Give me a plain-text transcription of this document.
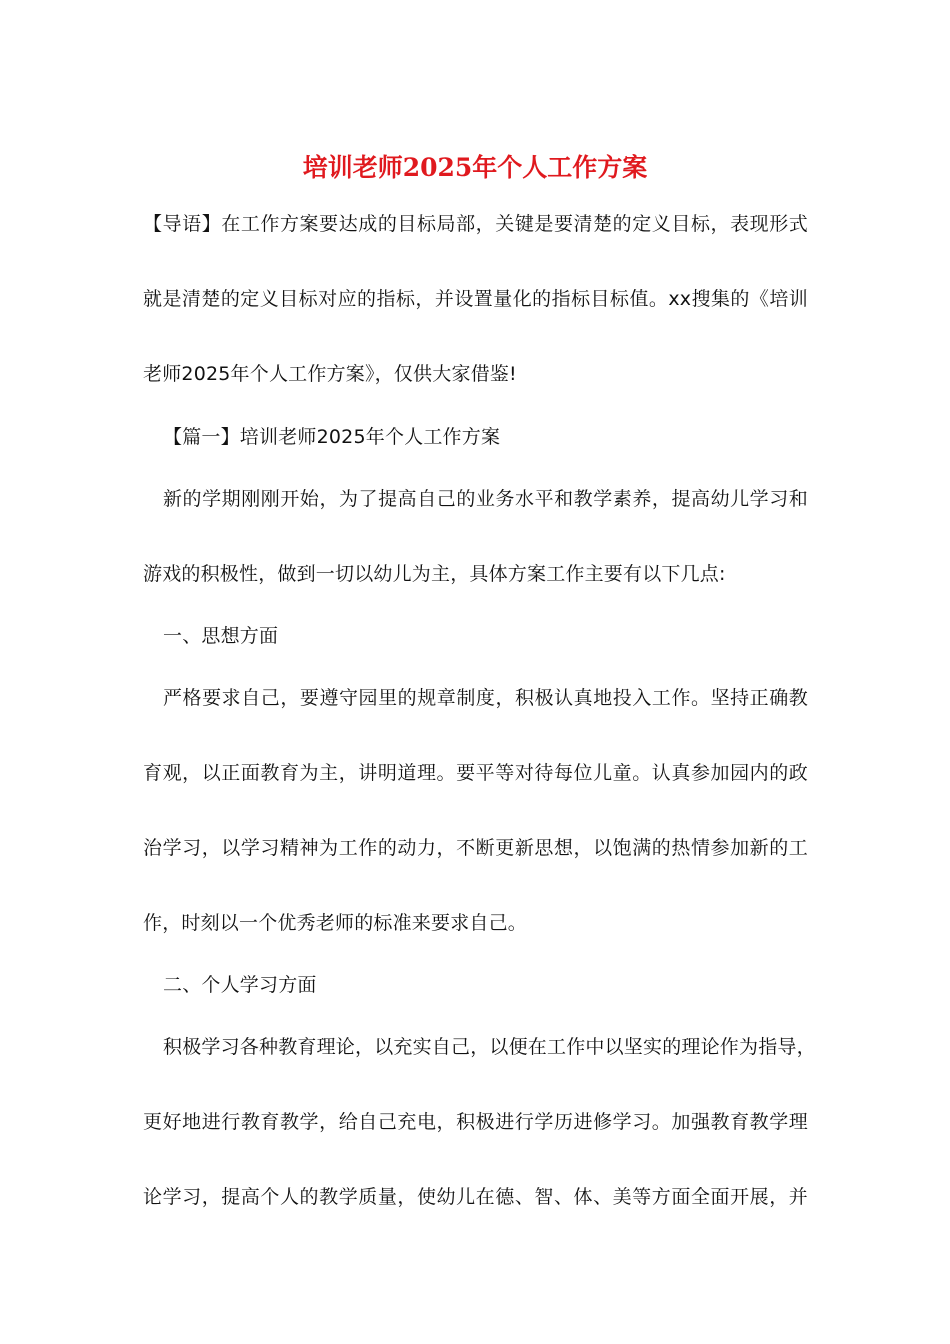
培训老师2025年个人工作方案

【导语】在工作方案要达成的目标局部，关键是要清楚的定义目标，表现形式

就是清楚的定义目标对应的指标，并设置量化的指标目标值。xx搜集的《培训

老师2025年个人工作方案》，仅供大家借鉴!

【篇一】培训老师2025年个人工作方案

新的学期刚刚开始，为了提高自己的业务水平和教学素养，提高幼儿学习和

游戏的积极性，做到一切以幼儿为主，具体方案工作主要有以下几点:

一、思想方面

严格要求自己，要遵守园里的规章制度，积极认真地投入工作。坚持正确教

育观，以正面教育为主，讲明道理。要平等对待每位儿童。认真参加园内的政

治学习，以学习精神为工作的动力，不断更新思想，以饱满的热情参加新的工

作，时刻以一个优秀老师的标准来要求自己。

二、个人学习方面

积极学习各种教育理论，以充实自己，以便在工作中以坚实的理论作为指导，

更好地进行教育教学，给自己充电，积极进行学历进修学习。加强教育教学理

论学习，提高个人的教学质量，使幼儿在德、智、体、美等方面全面开展，并
